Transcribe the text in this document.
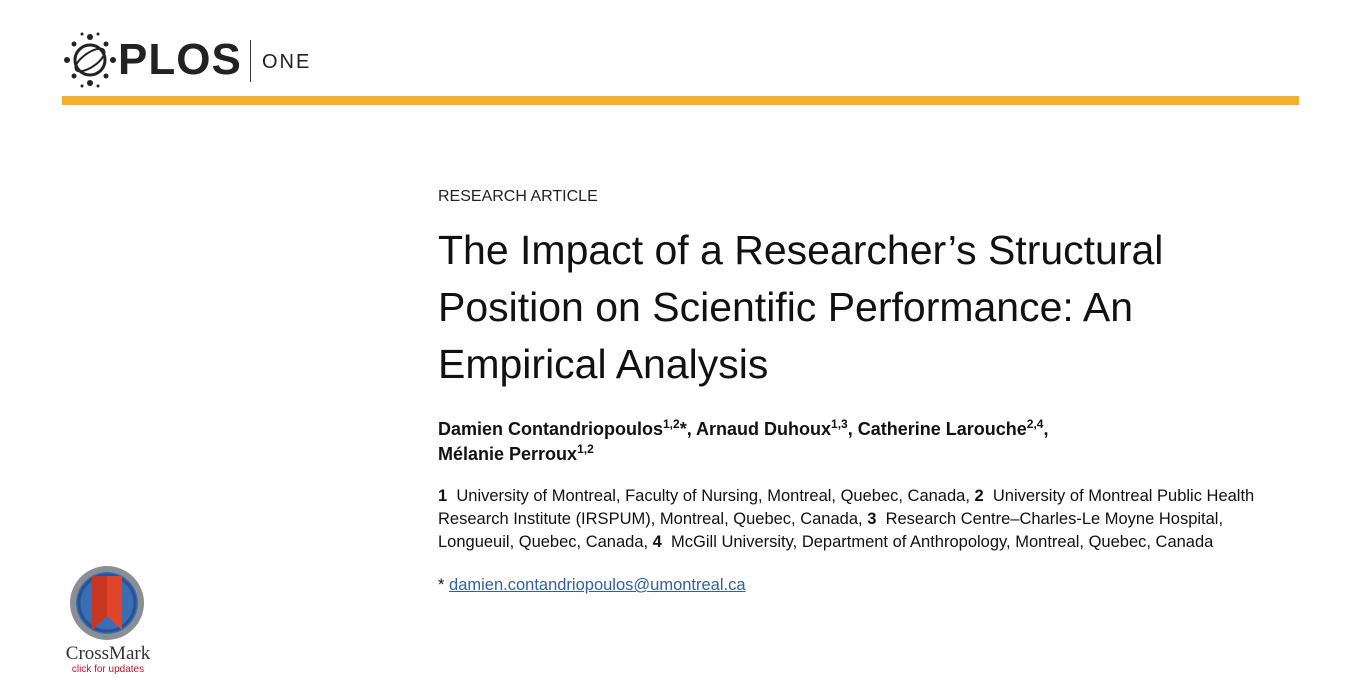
PLOS ONE
RESEARCH ARTICLE
The Impact of a Researcher’s Structural Position on Scientific Performance: An Empirical Analysis
Damien Contandriopoulos$^{1,2}$*, Arnaud Duhoux$^{1,3}$, Catherine Larouche$^{2,4}$,
Mélanie Perroux$^{1,2}$
1 University of Montreal, Faculty of Nursing, Montreal, Quebec, Canada, 2 University of Montreal Public Health Research Institute (IRSPUM), Montreal, Quebec, Canada, 3 Research Centre–Charles-Le Moyne Hospital, Longueuil, Quebec, Canada, 4 McGill University, Department of Anthropology, Montreal, Quebec, Canada
* damien.contandriopoulos@umontreal.ca
CrossMark
click for updates
